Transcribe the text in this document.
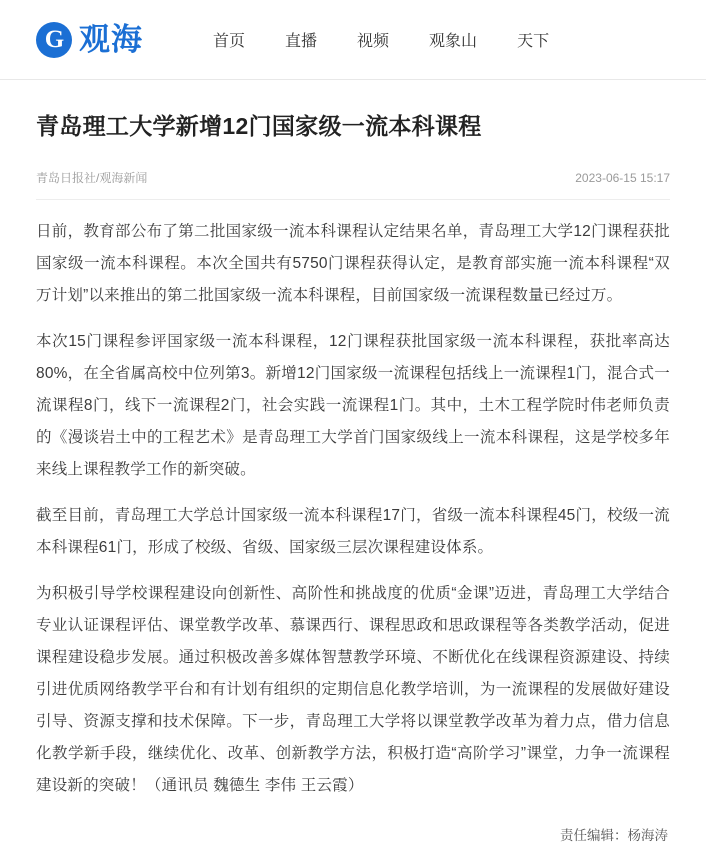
G 观海	首页	直播	视频	观象山	天下
青岛理工大学新增12门国家级一流本科课程
青岛日报社/观海新闻	2023-06-15 15:17

日前，教育部公布了第二批国家级一流本科课程认定结果名单，青岛理工大学12门课程获批国家级一流本科课程。本次全国共有5750门课程获得认定，是教育部实施一流本科课程“双万计划”以来推出的第二批国家级一流本科课程，目前国家级一流课程数量已经过万。

本次15门课程参评国家级一流本科课程，12门课程获批国家级一流本科课程，获批率高达80%，在全省属高校中位列第3。新增12门国家级一流课程包括线上一流课程1门，混合式一流课程8门，线下一流课程2门，社会实践一流课程1门。其中，土木工程学院时伟老师负责的《漫谈岩土中的工程艺术》是青岛理工大学首门国家级线上一流本科课程，这是学校多年来线上课程教学工作的新突破。

截至目前，青岛理工大学总计国家级一流本科课程17门，省级一流本科课程45门，校级一流本科课程61门，形成了校级、省级、国家级三层次课程建设体系。

为积极引导学校课程建设向创新性、高阶性和挑战度的优质“金课”迈进，青岛理工大学结合专业认证课程评估、课堂教学改革、慕课西行、课程思政和思政课程等各类教学活动，促进课程建设稳步发展。通过积极改善多媒体智慧教学环境、不断优化在线课程资源建设、持续引进优质网络教学平台和有计划有组织的定期信息化教学培训，为一流课程的发展做好建设引导、资源支撑和技术保障。下一步，青岛理工大学将以课堂教学改革为着力点，借力信息化教学新手段，继续优化、改革、创新教学方法，积极打造“高阶学习”课堂，力争一流课程建设新的突破！（通讯员 魏德生 李伟 王云霞）

责任编辑：杨海涛
